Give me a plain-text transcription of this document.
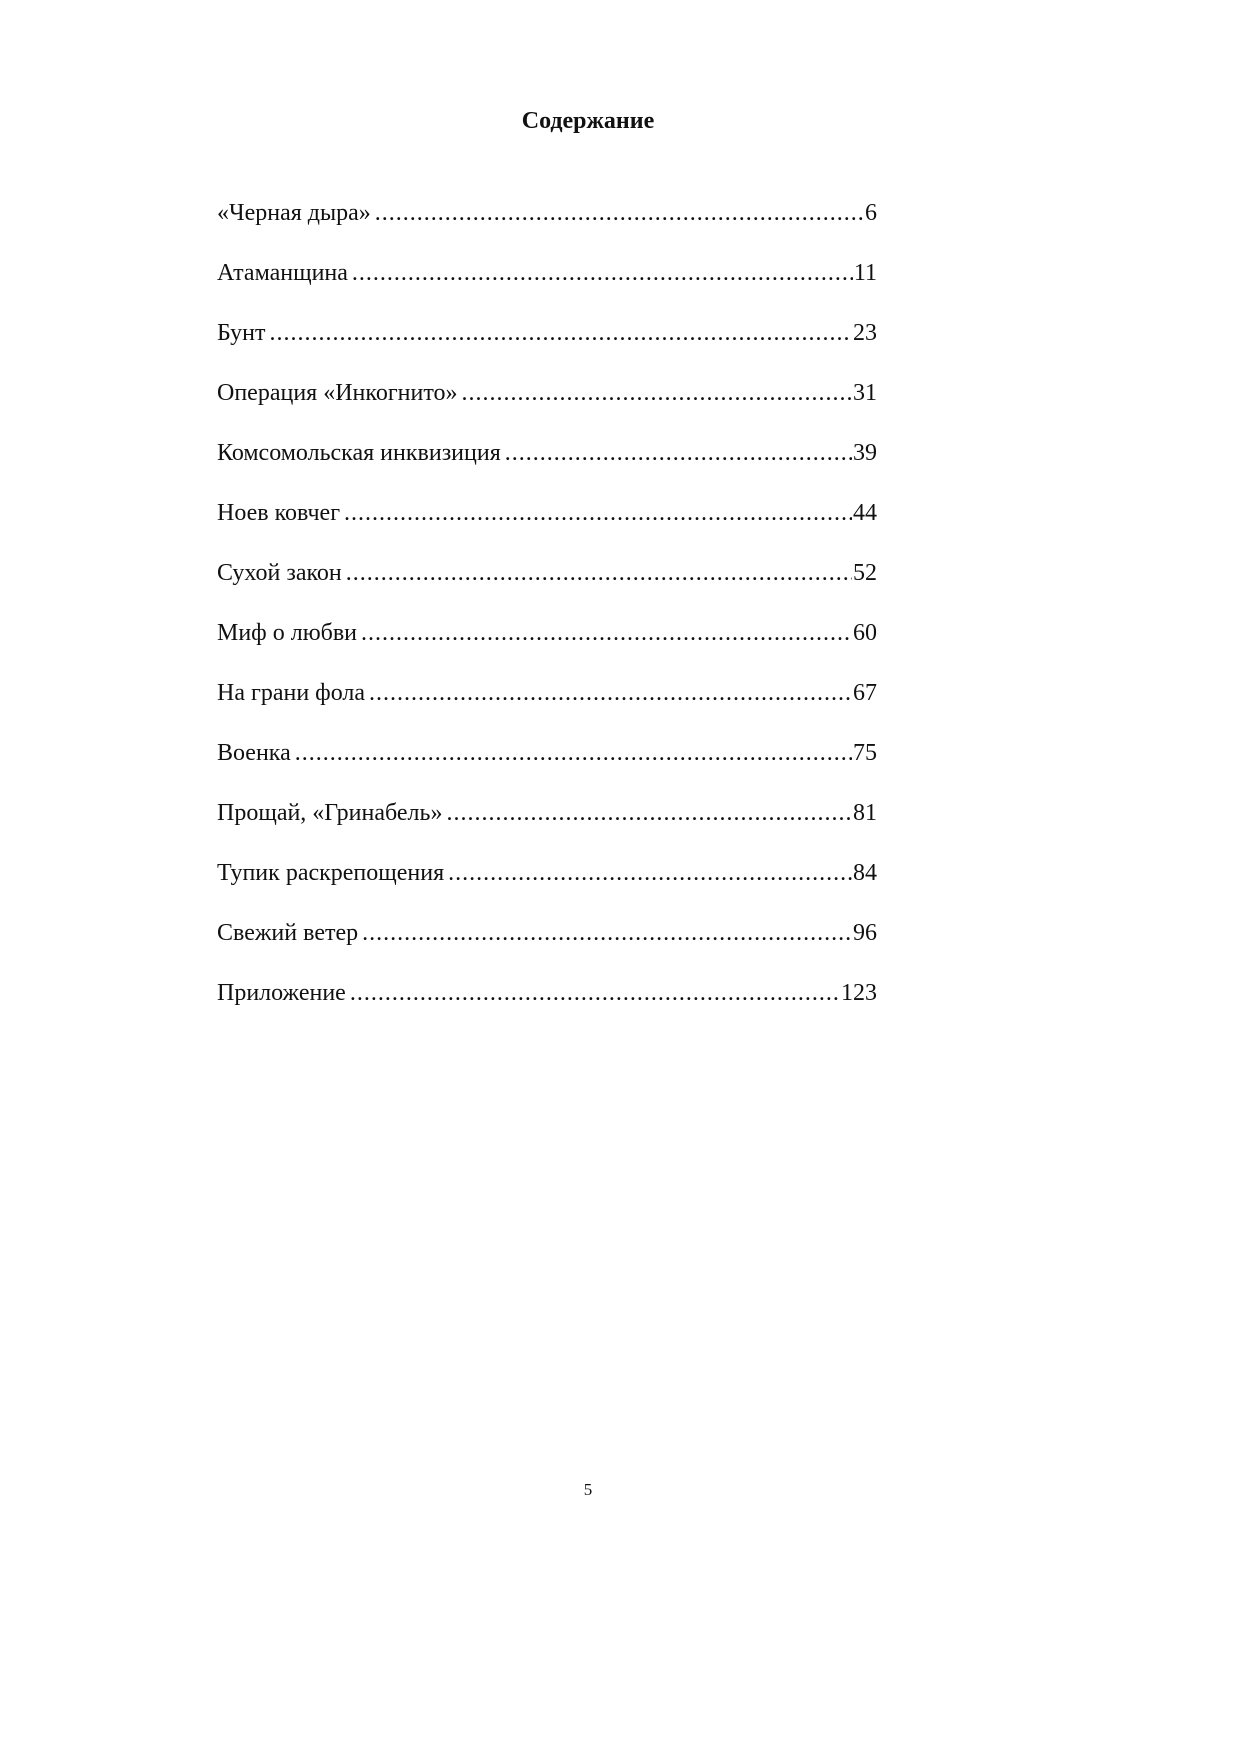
Содержание
«Черная дыра» .....	6
Атаманщина .....	11
Бунт .....	23
Операция «Инкогнито» .....	31
Комсомольская инквизиция .....	39
Ноев ковчег .....	44
Сухой закон .....	52
Миф о любви .....	60
На грани фола .....	67
Военка .....	75
Прощай, «Гринабель» .....	81
Тупик раскрепощения .....	84
Свежий ветер .....	96
Приложение .....	123
5
